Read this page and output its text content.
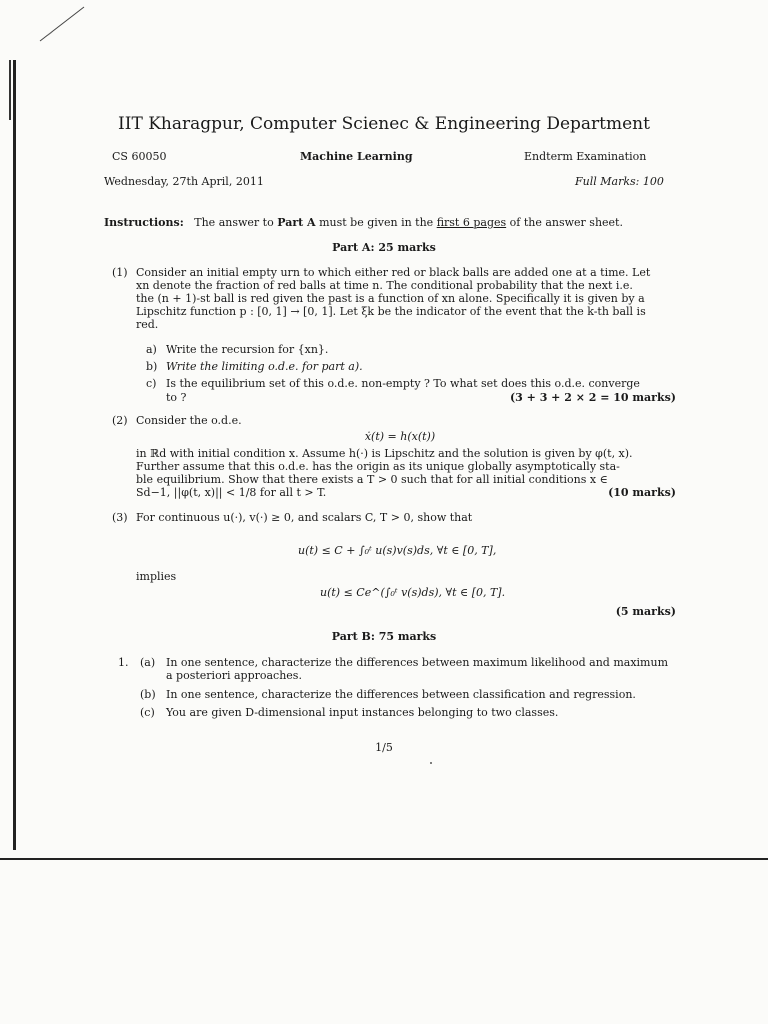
IIT Kharagpur, Computer Scienec & Engineering Department
CS 60050	Machine Learning	Endterm Examination
Wednesday, 27th April, 2011	Full Marks: 100
Instructions: The answer to Part A must be given in the first 6 pages of the answer sheet.
Part A: 25 marks
(1) Consider an initial empty urn to which either red or black balls are added one at a time. Let
xn denote the fraction of red balls at time n. The conditional probability that the next i.e.
the (n + 1)-st ball is red given the past is a function of xn alone. Specifically it is given by a
Lipschitz function p : [0, 1] → [0, 1]. Let ξk be the indicator of the event that the k-th ball is
red.
a) Write the recursion for {xn}.
b) Write the limiting o.d.e. for part a).
c) Is the equilibrium set of this o.d.e. non-empty ? To what set does this o.d.e. converge
to ?	(3 + 3 + 2 × 2 = 10 marks)
(2) Consider the o.d.e.
ẋ(t) = h(x(t))
in ℝd with initial condition x. Assume h(·) is Lipschitz and the solution is given by φ(t, x).
Further assume that this o.d.e. has the origin as its unique globally asymptotically sta-
ble equilibrium. Show that there exists a T > 0 such that for all initial conditions x ∈
Sd−1, ||φ(t, x)|| < 1/8 for all t > T.	(10 marks)
(3) For continuous u(·), v(·) ≥ 0, and scalars C, T > 0, show that
u(t) ≤ C + ∫₀ᵗ u(s)v(s)ds, ∀t ∈ [0, T],
implies
u(t) ≤ Ce^(∫₀ᵗ v(s)ds), ∀t ∈ [0, T].
(5 marks)
Part B: 75 marks
1. (a) In one sentence, characterize the differences between maximum likelihood and maximum
a posteriori approaches.
(b) In one sentence, characterize the differences between classification and regression.
(c) You are given D-dimensional input instances belonging to two classes.
1/5
